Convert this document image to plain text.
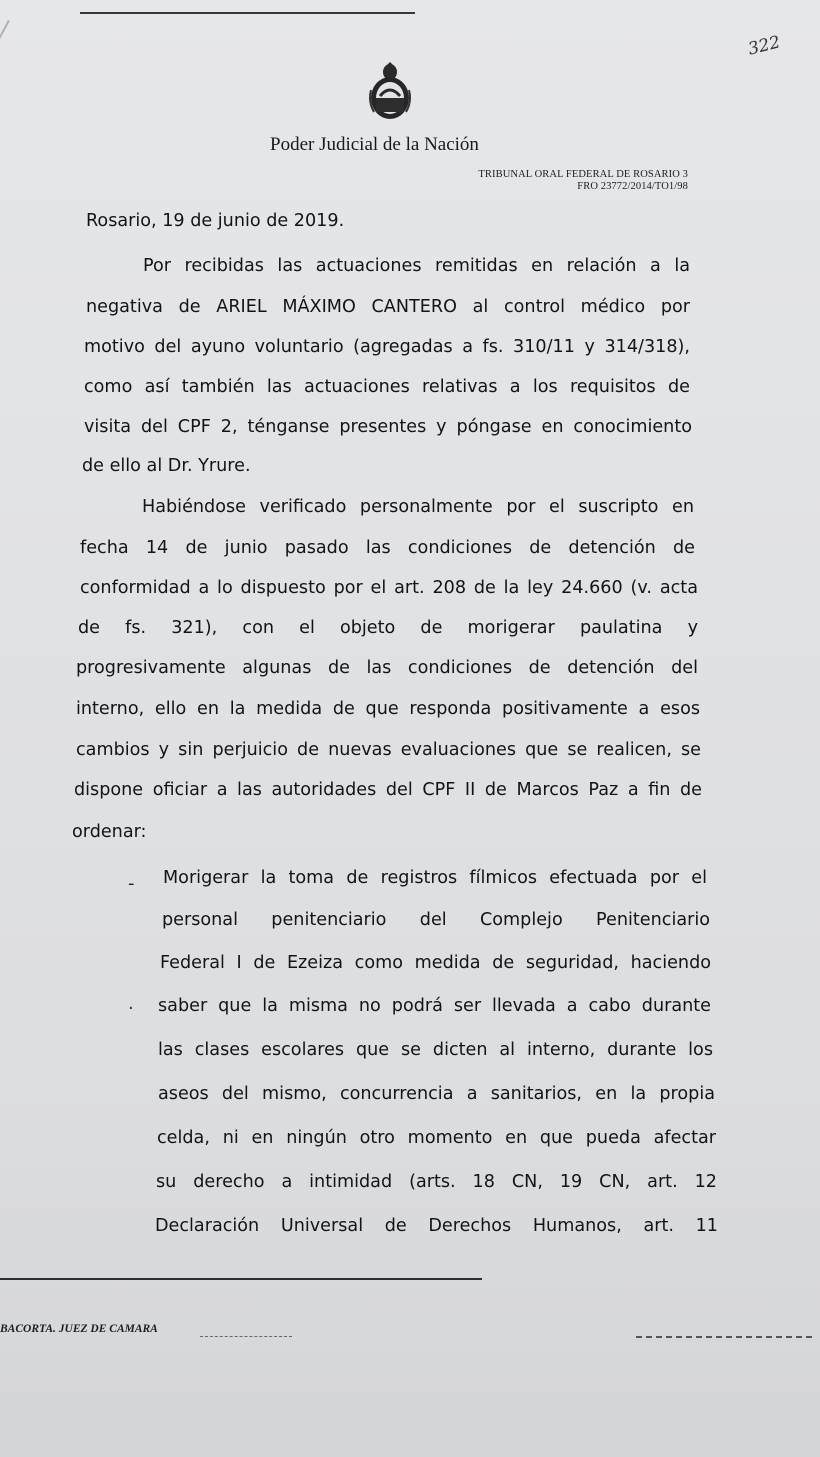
322
Poder Judicial de la Nación
TRIBUNAL ORAL FEDERAL DE ROSARIO 3
FRO 23772/2014/TO1/98
Rosario, 19 de junio de 2019.
Por recibidas las actuaciones remitidas en relación a la
negativa de ARIEL MÁXIMO CANTERO al control médico por
motivo del ayuno voluntario (agregadas a fs. 310/11 y 314/318),
como así también las actuaciones relativas a los requisitos de
visita del CPF 2, ténganse presentes y póngase en conocimiento
de ello al Dr. Yrure.
Habiéndose verificado personalmente por el suscripto en
fecha 14 de junio pasado las condiciones de detención de
conformidad a lo dispuesto por el art. 208 de la ley 24.660 (v. acta
de fs. 321), con el objeto de morigerar paulatina y
progresivamente algunas de las condiciones de detención del
interno, ello en la medida de que responda positivamente a esos
cambios y sin perjuicio de nuevas evaluaciones que se realicen, se
dispone oficiar a las autoridades del CPF II de Marcos Paz a fin de
ordenar:
- Morigerar la toma de registros fílmicos efectuada por el
personal penitenciario del Complejo Penitenciario
Federal I de Ezeiza como medida de seguridad, haciendo
· saber que la misma no podrá ser llevada a cabo durante
las clases escolares que se dicten al interno, durante los
aseos del mismo, concurrencia a sanitarios, en la propia
celda, ni en ningún otro momento en que pueda afectar
su derecho a intimidad (arts. 18 CN, 19 CN, art. 12
Declaración Universal de Derechos Humanos, art. 11
BACORTA. JUEZ DE CAMARA
